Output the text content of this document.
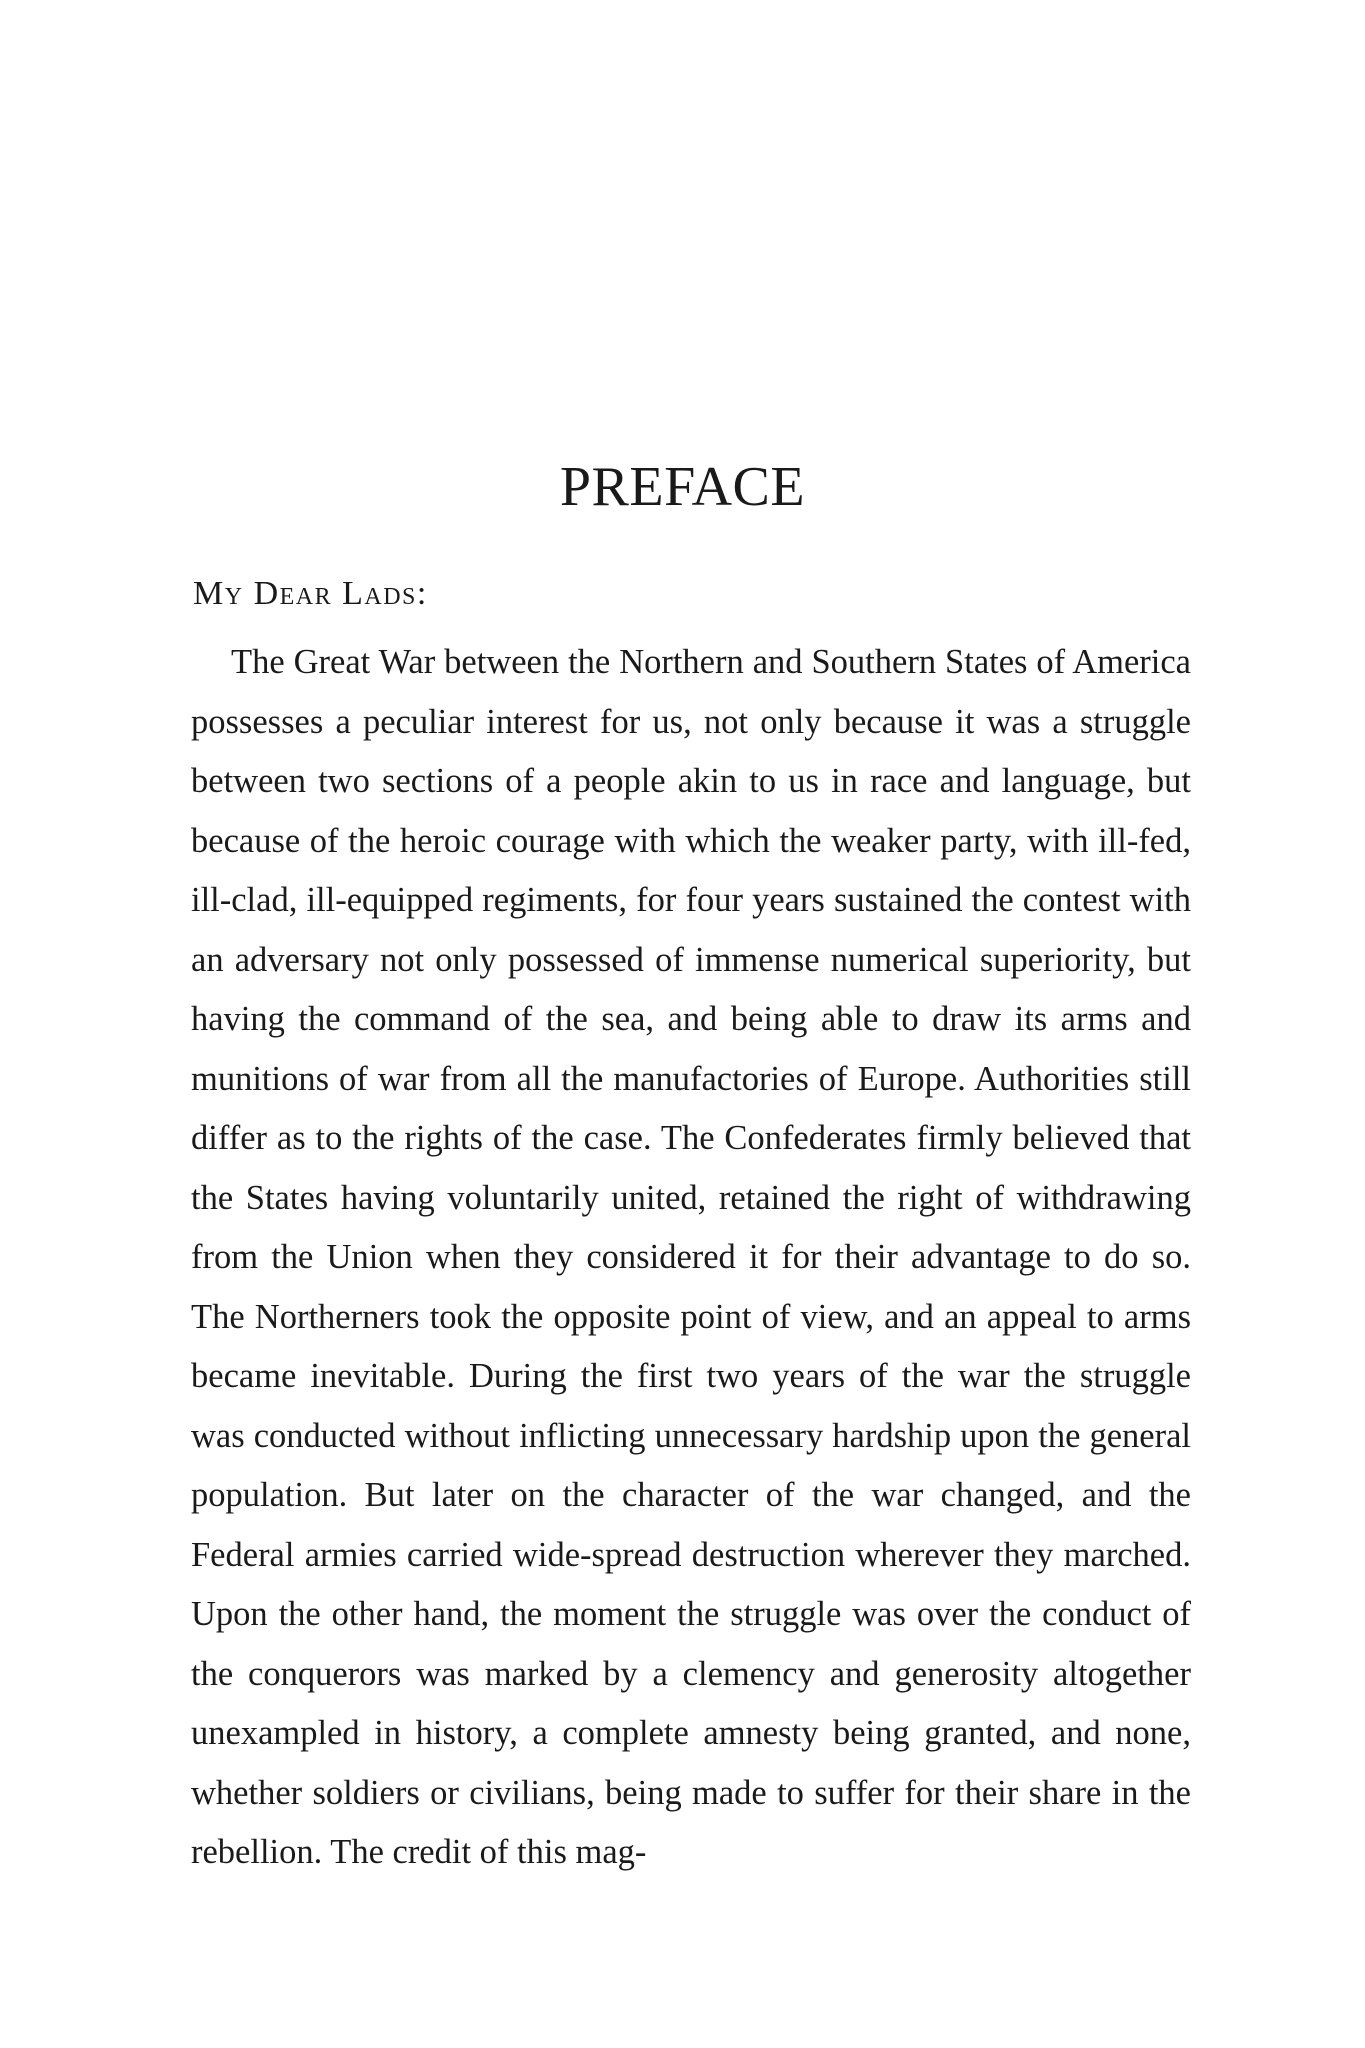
PREFACE

My Dear Lads:

The Great War between the Northern and Southern States of America possesses a peculiar interest for us, not only because it was a struggle between two sections of a people akin to us in race and language, but because of the heroic courage with which the weaker party, with ill-fed, ill-clad, ill-equipped regiments, for four years sustained the contest with an adversary not only possessed of immense numerical superiority, but having the command of the sea, and being able to draw its arms and munitions of war from all the manufactories of Europe. Authorities still differ as to the rights of the case. The Confederates firmly believed that the States having voluntarily united, retained the right of withdrawing from the Union when they considered it for their advantage to do so. The Northerners took the opposite point of view, and an appeal to arms became inevitable. During the first two years of the war the struggle was conducted without inflicting unnecessary hardship upon the general population. But later on the character of the war changed, and the Federal armies carried wide-spread destruction wherever they marched. Upon the other hand, the moment the struggle was over the conduct of the conquerors was marked by a clemency and generosity altogether unexampled in history, a complete amnesty being granted, and none, whether soldiers or civilians, being made to suffer for their share in the rebellion. The credit of this mag-
